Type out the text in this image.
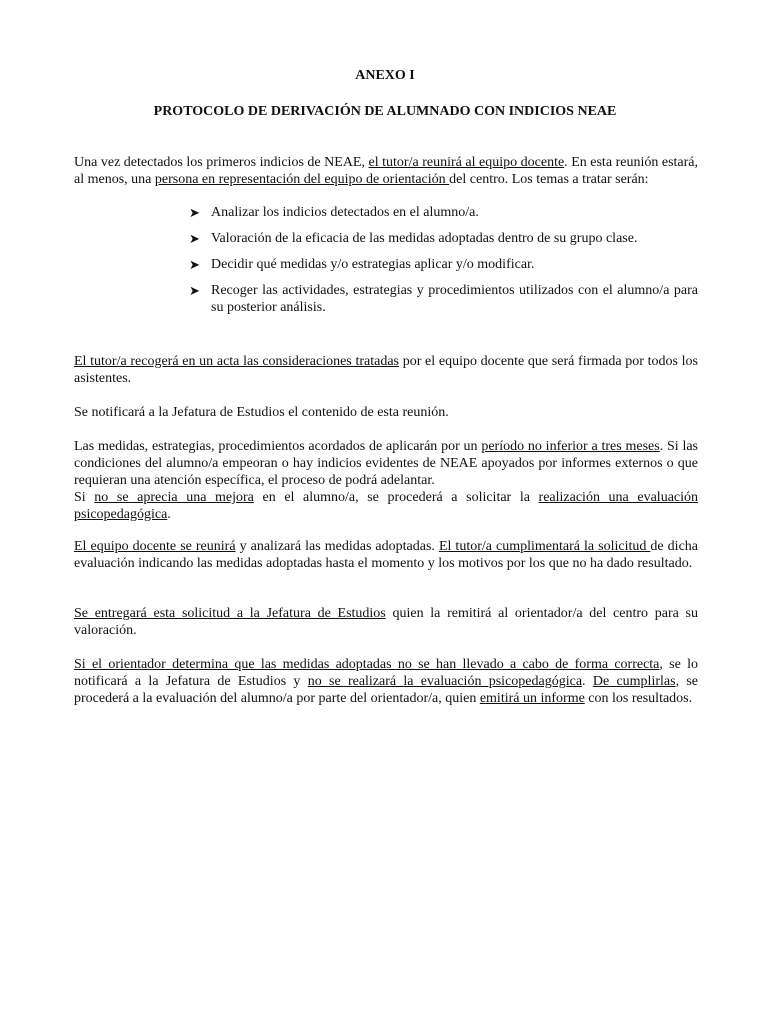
ANEXO I
PROTOCOLO DE DERIVACIÓN DE ALUMNADO CON INDICIOS NEAE
Una vez detectados los primeros indicios de NEAE, el tutor/a reunirá al equipo docente. En esta reunión estará, al menos, una persona en representación del equipo de orientación del centro. Los temas a tratar serán:
➤ Analizar los indicios detectados en el alumno/a.
➤ Valoración de la eficacia de las medidas adoptadas dentro de su grupo clase.
➤ Decidir qué medidas y/o estrategias aplicar y/o modificar.
➤ Recoger las actividades, estrategias y procedimientos utilizados con el alumno/a para su posterior análisis.
El tutor/a recogerá en un acta las consideraciones tratadas por el equipo docente que será firmada por todos los asistentes.
Se notificará a la Jefatura de Estudios el contenido de esta reunión.
Las medidas, estrategias, procedimientos acordados de aplicarán por un período no inferior a tres meses. Si las condiciones del alumno/a empeoran o hay indicios evidentes de NEAE apoyados por informes externos o que requieran una atención específica, el proceso de podrá adelantar.
Si no se aprecia una mejora en el alumno/a, se procederá a solicitar la realización una evaluación psicopedagógica.
El equipo docente se reunirá y analizará las medidas adoptadas. El tutor/a cumplimentará la solicitud de dicha evaluación indicando las medidas adoptadas hasta el momento y los motivos por los que no ha dado resultado.
Se entregará esta solicitud a la Jefatura de Estudios quien la remitirá al orientador/a del centro para su valoración.
Si el orientador determina que las medidas adoptadas no se han llevado a cabo de forma correcta, se lo notificará a la Jefatura de Estudios y no se realizará la evaluación psicopedagógica. De cumplirlas, se procederá a la evaluación del alumno/a por parte del orientador/a, quien emitirá un informe con los resultados.
